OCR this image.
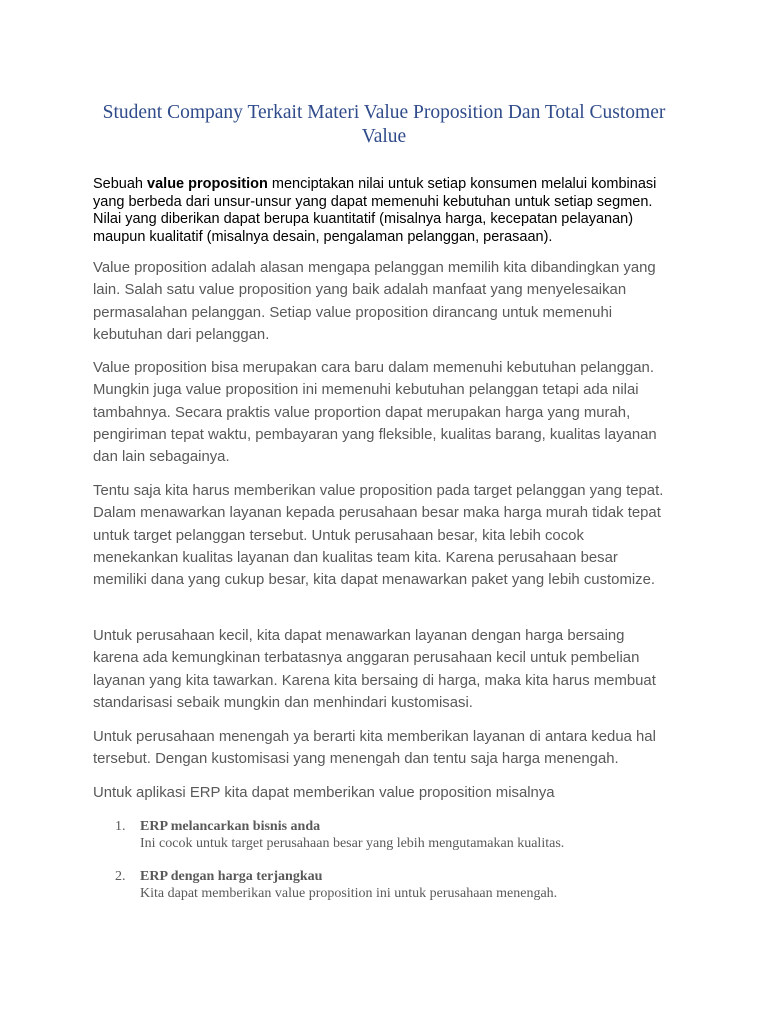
Student Company Terkait Materi Value Proposition Dan Total Customer Value
Sebuah value proposition menciptakan nilai untuk setiap konsumen melalui kombinasi yang berbeda dari unsur-unsur yang dapat memenuhi kebutuhan untuk setiap segmen. Nilai yang diberikan dapat berupa kuantitatif (misalnya harga, kecepatan pelayanan) maupun kualitatif (misalnya desain, pengalaman pelanggan, perasaan).

Value proposition adalah alasan mengapa pelanggan memilih kita dibandingkan yang lain. Salah satu value proposition yang baik adalah manfaat yang menyelesaikan permasalahan pelanggan. Setiap value proposition dirancang untuk memenuhi kebutuhan dari pelanggan.

Value proposition bisa merupakan cara baru dalam memenuhi kebutuhan pelanggan. Mungkin juga value proposition ini memenuhi kebutuhan pelanggan tetapi ada nilai tambahnya. Secara praktis value proportion dapat merupakan harga yang murah, pengiriman tepat waktu, pembayaran yang fleksible, kualitas barang, kualitas layanan dan lain sebagainya.

Tentu saja kita harus memberikan value proposition pada target pelanggan yang tepat. Dalam menawarkan layanan kepada perusahaan besar maka harga murah tidak tepat untuk target pelanggan tersebut. Untuk perusahaan besar, kita lebih cocok menekankan kualitas layanan dan kualitas team kita. Karena perusahaan besar memiliki dana yang cukup besar, kita dapat menawarkan paket yang lebih customize.

Untuk perusahaan kecil, kita dapat menawarkan layanan dengan harga bersaing karena ada kemungkinan terbatasnya anggaran perusahaan kecil untuk pembelian layanan yang kita tawarkan. Karena kita bersaing di harga, maka kita harus membuat standarisasi sebaik mungkin dan menhindari kustomisasi.

Untuk perusahaan menengah ya berarti kita memberikan layanan di antara kedua hal tersebut. Dengan kustomisasi yang menengah dan tentu saja harga menengah.

Untuk aplikasi ERP kita dapat memberikan value proposition misalnya

1. ERP melancarkan bisnis anda
Ini cocok untuk target perusahaan besar yang lebih mengutamakan kualitas.
2. ERP dengan harga terjangkau
Kita dapat memberikan value proposition ini untuk perusahaan menengah.
